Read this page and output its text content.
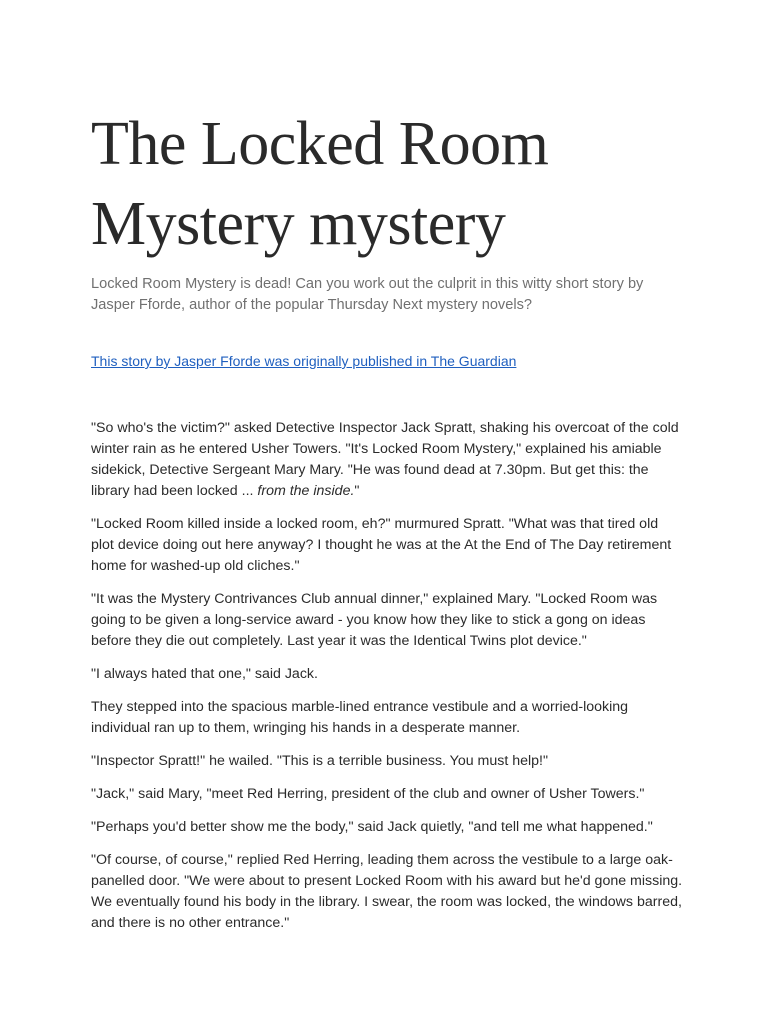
The Locked Room
Mystery mystery

Locked Room Mystery is dead! Can you work out the culprit in this witty short story by Jasper Fforde, author of the popular Thursday Next mystery novels?

This story by Jasper Fforde was originally published in The Guardian

"So who's the victim?" asked Detective Inspector Jack Spratt, shaking his overcoat of the cold winter rain as he entered Usher Towers. "It's Locked Room Mystery," explained his amiable sidekick, Detective Sergeant Mary Mary. "He was found dead at 7.30pm. But get this: the library had been locked ... from the inside."

"Locked Room killed inside a locked room, eh?" murmured Spratt. "What was that tired old plot device doing out here anyway? I thought he was at the At the End of The Day retirement home for washed-up old cliches."

"It was the Mystery Contrivances Club annual dinner," explained Mary. "Locked Room was going to be given a long-service award - you know how they like to stick a gong on ideas before they die out completely. Last year it was the Identical Twins plot device."

"I always hated that one," said Jack.

They stepped into the spacious marble-lined entrance vestibule and a worried-looking individual ran up to them, wringing his hands in a desperate manner.

"Inspector Spratt!" he wailed. "This is a terrible business. You must help!"

"Jack," said Mary, "meet Red Herring, president of the club and owner of Usher Towers."

"Perhaps you'd better show me the body," said Jack quietly, "and tell me what happened."

"Of course, of course," replied Red Herring, leading them across the vestibule to a large oak-panelled door. "We were about to present Locked Room with his award but he'd gone missing. We eventually found his body in the library. I swear, the room was locked, the windows barred, and there is no other entrance."
